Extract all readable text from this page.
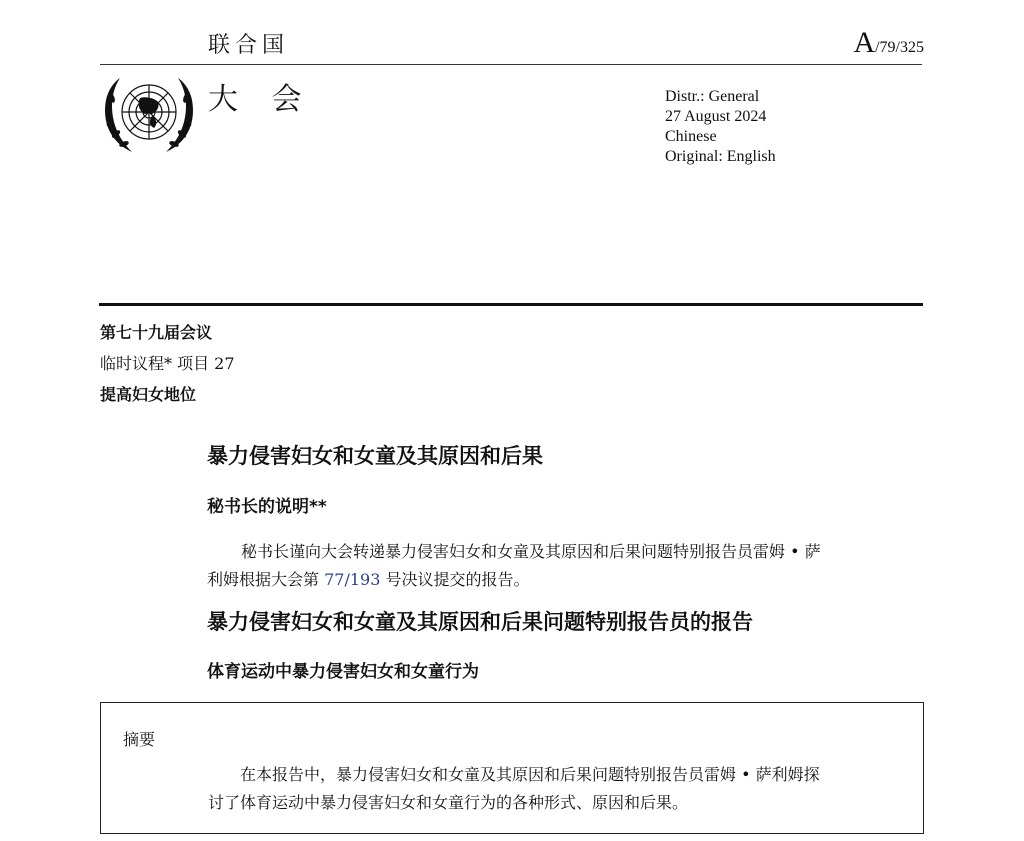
联合国	A/79/325
大 会	Distr.: General
27 August 2024
Chinese
Original: English
第七十九届会议
临时议程* 项目 27
提高妇女地位
暴力侵害妇女和女童及其原因和后果
秘书长的说明**
秘书长谨向大会转递暴力侵害妇女和女童及其原因和后果问题特别报告员雷姆 • 萨利姆根据大会第 77/193 号决议提交的报告。
暴力侵害妇女和女童及其原因和后果问题特别报告员的报告
体育运动中暴力侵害妇女和女童行为
摘要
在本报告中，暴力侵害妇女和女童及其原因和后果问题特别报告员雷姆 • 萨利姆探讨了体育运动中暴力侵害妇女和女童行为的各种形式、原因和后果。
